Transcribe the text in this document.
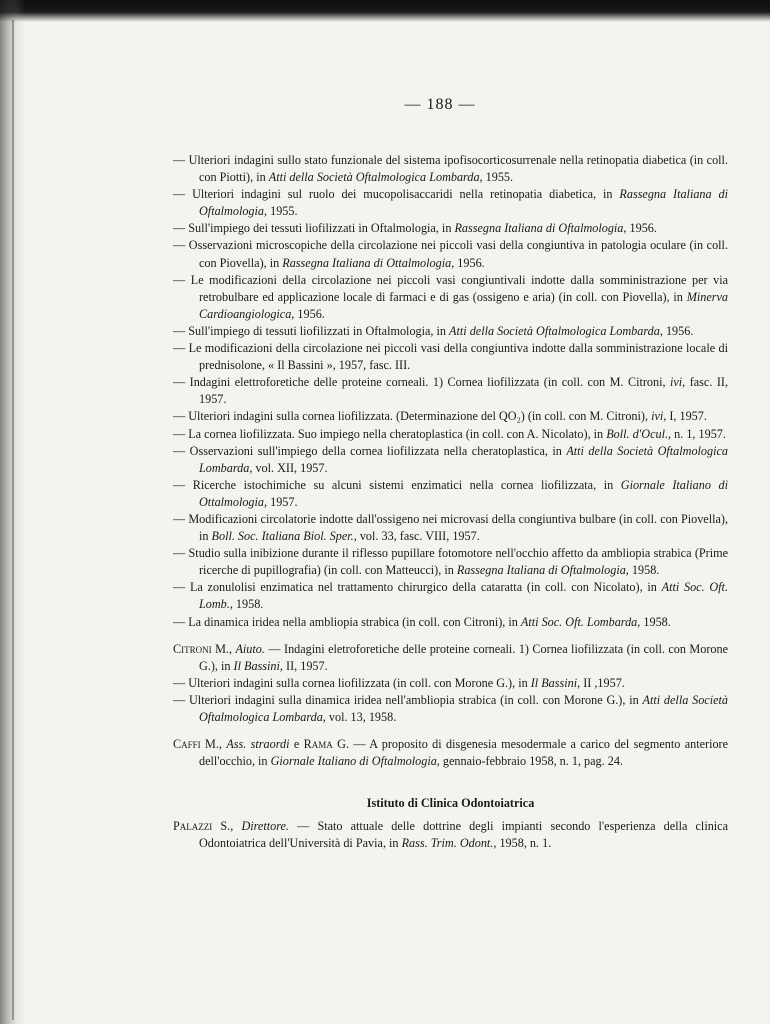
— 188 —

— Ulteriori indagini sullo stato funzionale del sistema ipofisocorticosurrenale nella retinopatia diabetica (in coll. con Piotti), in Atti della Società Oftalmologica Lombarda, 1955.

— Ulteriori indagini sul ruolo dei mucopolisaccaridi nella retinopatia diabetica, in Rassegna Italiana di Oftalmologia, 1955.

— Sull'impiego dei tessuti liofilizzati in Oftalmologia, in Rassegna Italiana di Oftalmologia, 1956.

— Osservazioni microscopiche della circolazione nei piccoli vasi della congiuntiva in patologia oculare (in coll. con Piovella), in Rassegna Italiana di Ottalmologia, 1956.

— Le modificazioni della circolazione nei piccoli vasi congiuntivali indotte dalla somministrazione per via retrobulbare ed applicazione locale di farmaci e di gas (ossigeno e aria) (in coll. con Piovella), in Minerva Cardioangiologica, 1956.

— Sull'impiego di tessuti liofilizzati in Oftalmologia, in Atti della Società Oftalmologica Lombarda, 1956.

— Le modificazioni della circolazione nei piccoli vasi della congiuntiva indotte dalla somministrazione locale di prednisolone, « Il Bassini », 1957, fasc. III.

— Indagini elettroforetiche delle proteine corneali. 1) Cornea liofilizzata (in coll. con M. Citroni, ivi, fasc. II, 1957.

— Ulteriori indagini sulla cornea liofilizzata. (Determinazione del QO₂) (in coll. con M. Citroni), ivi, I, 1957.

— La cornea liofilizzata. Suo impiego nella cheratoplastica (in coll. con A. Nicolato), in Boll. d'Ocul., n. 1, 1957.

— Osservazioni sull'impiego della cornea liofilizzata nella cheratoplastica, in Atti della Società Oftalmologica Lombarda, vol. XII, 1957.

— Ricerche istochimiche su alcuni sistemi enzimatici nella cornea liofilizzata, in Giornale Italiano di Ottalmologia, 1957.

— Modificazioni circolatorie indotte dall'ossigeno nei microvasi della congiuntiva bulbare (in coll. con Piovella), in Boll. Soc. Italiana Biol. Sper., vol. 33, fasc. VIII, 1957.

— Studio sulla inibizione durante il riflesso pupillare fotomotore nell'occhio affetto da ambliopia strabica (Prime ricerche di pupillografia) (in coll. con Matteucci), in Rassegna Italiana di Oftalmologia, 1958.

— La zonulolisi enzimatica nel trattamento chirurgico della cataratta (in coll. con Nicolato), in Atti Soc. Oft. Lomb., 1958.

— La dinamica iridea nella ambliopia strabica (in coll. con Citroni), in Atti Soc. Oft. Lombarda, 1958.

Citroni M., Aiuto. — Indagini eletroforetiche delle proteine corneali. 1) Cornea liofilizzata (in coll. con Morone G.), in Il Bassini, II, 1957.

— Ulteriori indagini sulla cornea liofilizzata (in coll. con Morone G.), in Il Bassini, II ,1957.

— Ulteriori indagini sulla dinamica iridea nell'ambliopia strabica (in coll. con Morone G.), in Atti della Società Oftalmologica Lombarda, vol. 13, 1958.

Caffi M., Ass. straordi e Rama G. — A proposito di disgenesia mesodermale a carico del segmento anteriore dell'occhio, in Giornale Italiano di Oftalmologia, gennaio-febbraio 1958, n. 1, pag. 24.

Istituto di Clinica Odontoiatrica

Palazzi S., Direttore. — Stato attuale delle dottrine degli impianti secondo l'esperienza della clinica Odontoiatrica dell'Università di Pavia, in Rass. Trim. Odont., 1958, n. 1.
